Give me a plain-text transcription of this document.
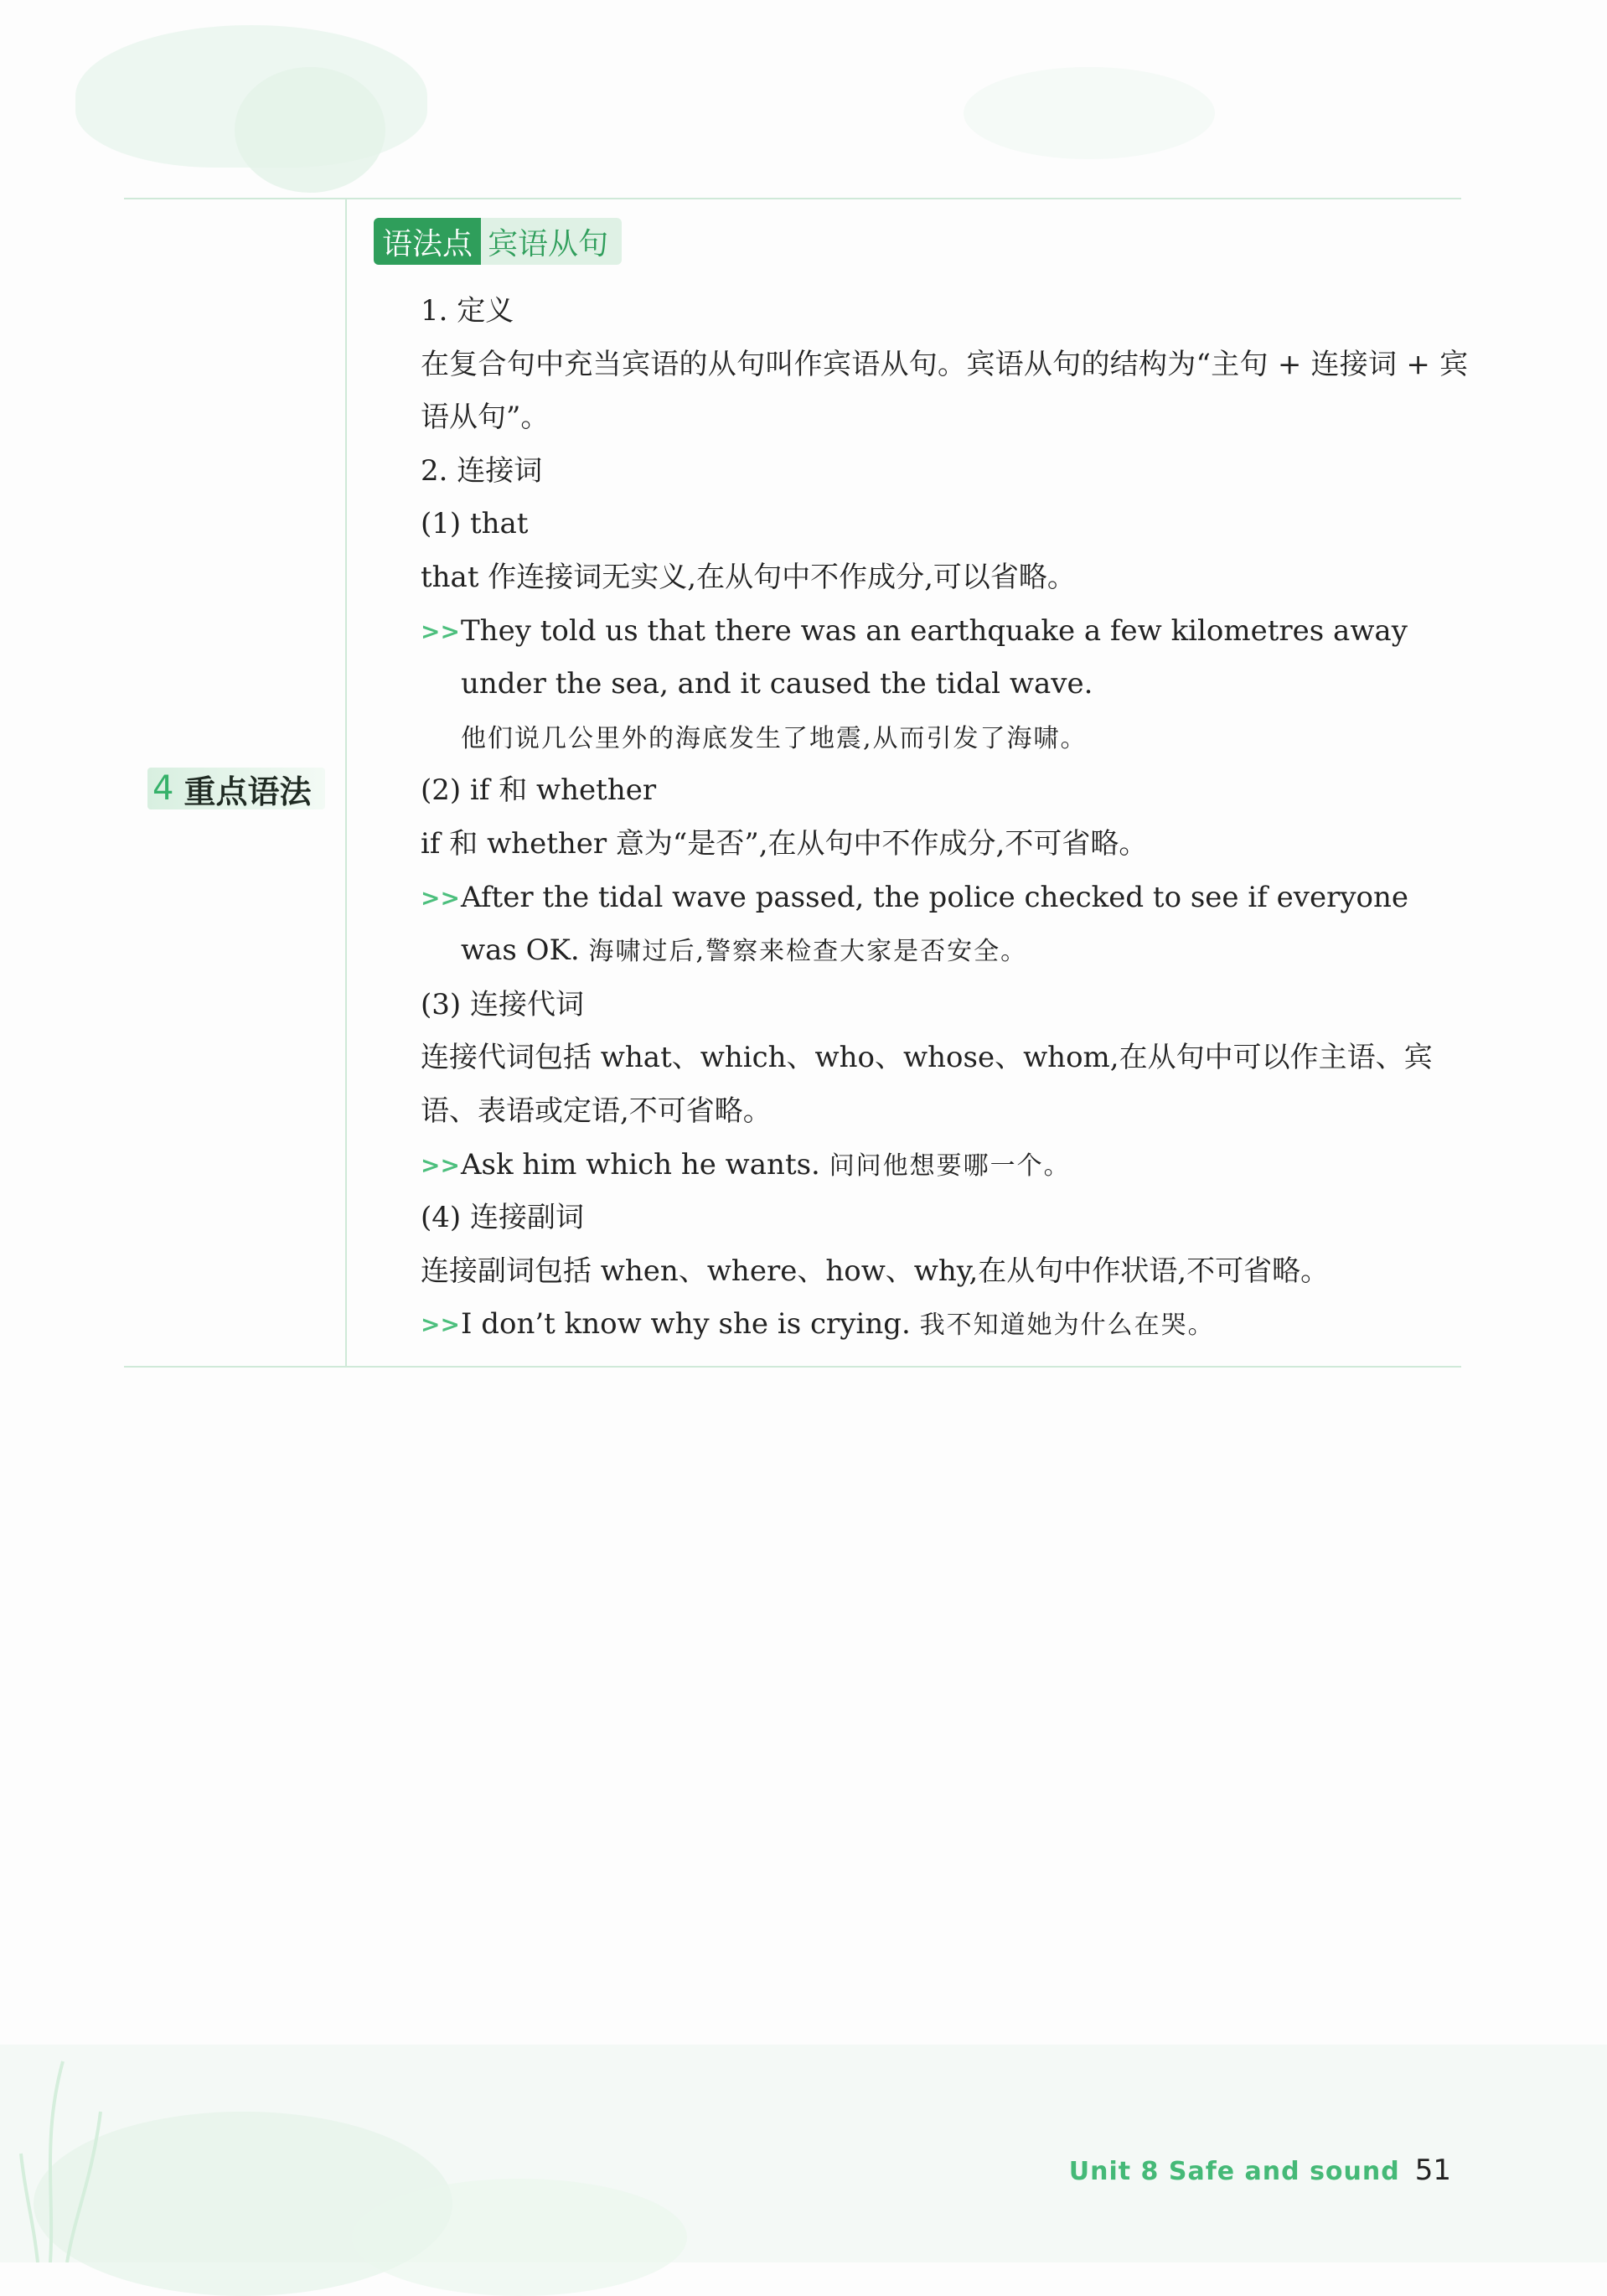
4 重点语法
语法点 宾语从句
1. 定义
在复合句中充当宾语的从句叫作宾语从句。宾语从句的结构为“主句 + 连接词 + 宾语从句”。
2. 连接词
(1) that
that 作连接词无实义,在从句中不作成分,可以省略。
>> They told us that there was an earthquake a few kilometres away under the sea, and it caused the tidal wave.
他们说几公里外的海底发生了地震,从而引发了海啸。
(2) if 和 whether
if 和 whether 意为“是否”,在从句中不作成分,不可省略。
>> After the tidal wave passed, the police checked to see if everyone was OK. 海啸过后,警察来检查大家是否安全。
(3) 连接代词
连接代词包括 what、which、who、whose、whom,在从句中可以作主语、宾语、表语或定语,不可省略。
>> Ask him which he wants. 问问他想要哪一个。
(4) 连接副词
连接副词包括 when、where、how、why,在从句中作状语,不可省略。
>> I don’t know why she is crying. 我不知道她为什么在哭。
Unit 8 Safe and sound 51
